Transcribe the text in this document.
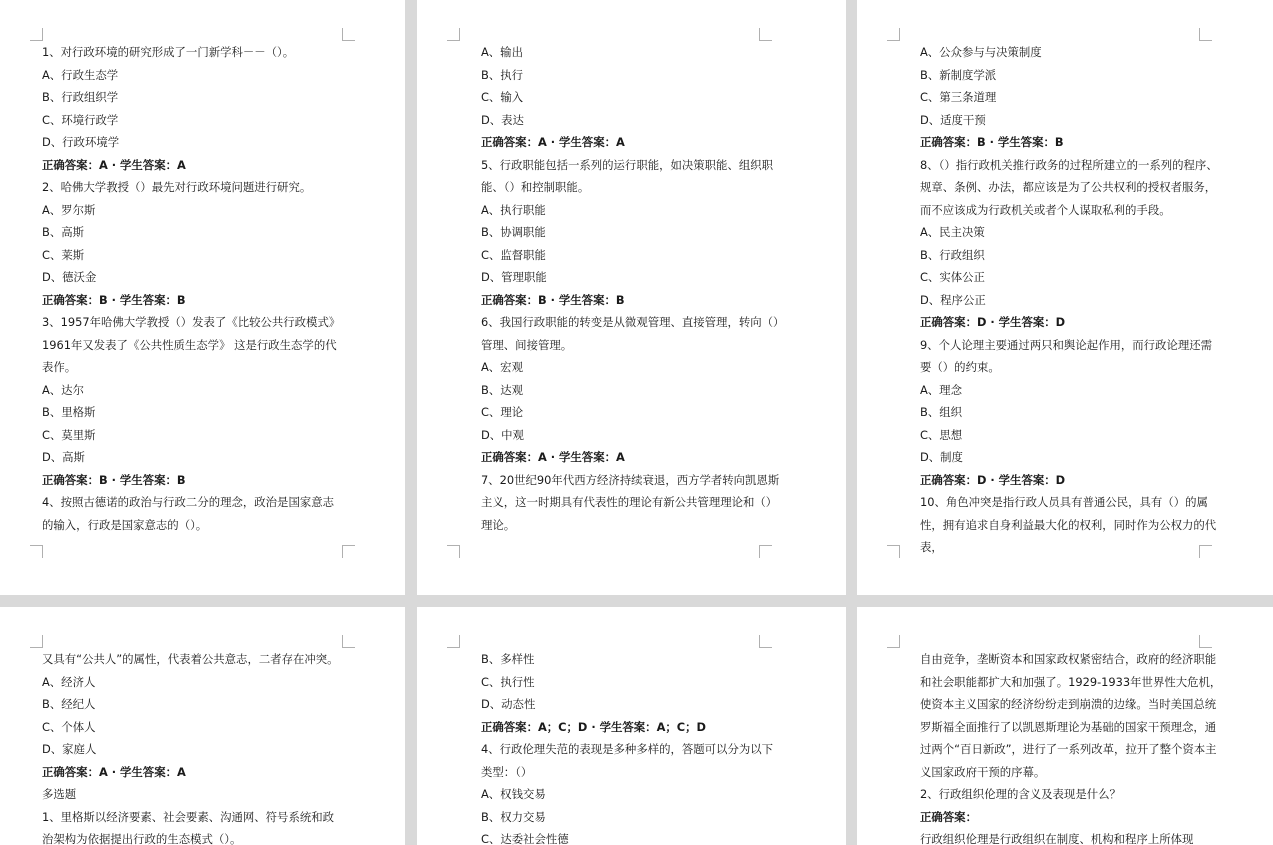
1、对行政环境的研究形成了一门新学科－－（）。
A、行政生态学
B、行政组织学
C、环境行政学
D、行政环境学
正确答案：A · 学生答案：A
2、哈佛大学教授（）最先对行政环境问题进行研究。
A、罗尔斯
B、高斯
C、莱斯
D、德沃金
正确答案：B · 学生答案：B
3、1957年哈佛大学教授（）发表了《比较公共行政模式》1961年又发表了《公共性质生态学》 这是行政生态学的代表作。
A、达尔
B、里格斯
C、莫里斯
D、高斯
正确答案：B · 学生答案：B
4、按照古德诺的政治与行政二分的理念，政治是国家意志的输入，行政是国家意志的（）。
A、输出
B、执行
C、输入
D、表达
正确答案：A · 学生答案：A
5、行政职能包括一系列的运行职能，如决策职能、组织职能、（）和控制职能。
A、执行职能
B、协调职能
C、监督职能
D、管理职能
正确答案：B · 学生答案：B
6、我国行政职能的转变是从微观管理、直接管理，转向（）管理、间接管理。
A、宏观
B、达观
C、理论
D、中观
正确答案：A · 学生答案：A
7、20世纪90年代西方经济持续衰退，西方学者转向凯恩斯主义，这一时期具有代表性的理论有新公共管理理论和（）理论。
A、公众参与与决策制度
B、新制度学派
C、第三条道理
D、适度干预
正确答案：B · 学生答案：B
8、（）指行政机关推行政务的过程所建立的一系列的程序、规章、条例、办法，都应该是为了公共权利的授权者服务，而不应该成为行政机关或者个人谋取私利的手段。
A、民主决策
B、行政组织
C、实体公正
D、程序公正
正确答案：D · 学生答案：D
9、个人论理主要通过两只和舆论起作用，而行政论理还需要（）的约束。
A、理念
B、组织
C、思想
D、制度
正确答案：D · 学生答案：D
10、角色冲突是指行政人员具有普通公民，具有（）的属性，拥有追求自身利益最大化的权利，同时作为公权力的代表，
又具有“公共人”的属性，代表着公共意志，二者存在冲突。
A、经济人
B、经纪人
C、个体人
D、家庭人
正确答案：A · 学生答案：A
多选题
1、里格斯以经济要素、社会要素、沟通网、符号系统和政治架构为依据提出行政的生态模式（）。
B、多样性
C、执行性
D、动态性
正确答案：A；C；D · 学生答案：A；C；D
4、行政伦理失范的表现是多种多样的，答题可以分为以下类型：（）
A、权钱交易
B、权力交易
C、达委社会性德
自由竞争，垄断资本和国家政权紧密结合，政府的经济职能和社会职能都扩大和加强了。1929-1933年世界性大危机，使资本主义国家的经济纷纷走到崩溃的边缘。当时美国总统罗斯福全面推行了以凯恩斯理论为基础的国家干预理念，通过两个“百日新政”，进行了一系列改革，拉开了整个资本主义国家政府干预的序幕。
2、行政组织伦理的含义及表现是什么？
正确答案：
行政组织伦理是行政组织在制度、机构和程序上所体现
